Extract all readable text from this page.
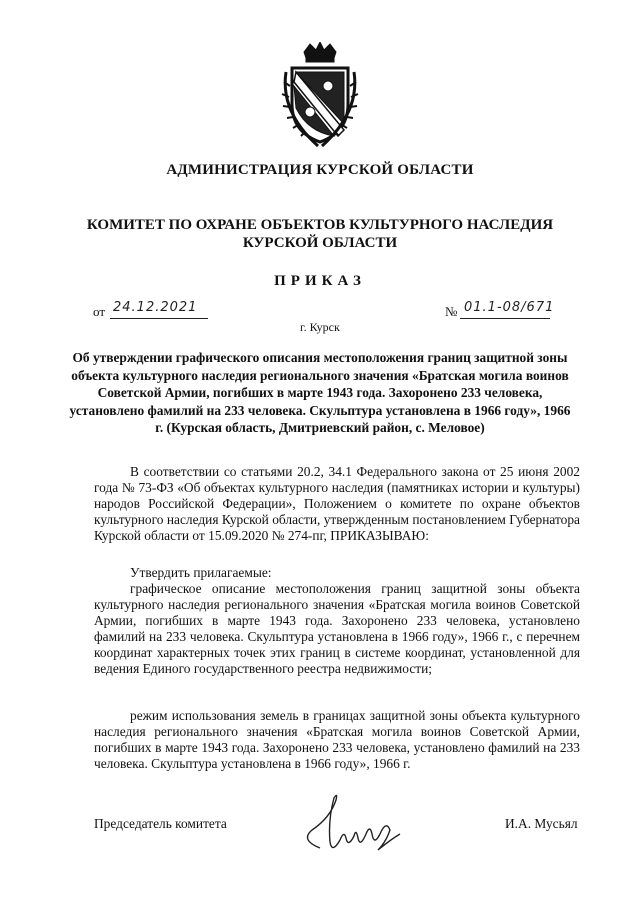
АДМИНИСТРАЦИЯ КУРСКОЙ ОБЛАСТИ
КОМИТЕТ ПО ОХРАНЕ ОБЪЕКТОВ КУЛЬТУРНОГО НАСЛЕДИЯ
КУРСКОЙ ОБЛАСТИ
ПРИКАЗ
от 24.12.2021	№ 01.1-08/671
г. Курск
Об утверждении графического описания местоположения границ защитной зоны объекта культурного наследия регионального значения «Братская могила воинов Советской Армии, погибших в марте 1943 года. Захоронено 233 человека, установлено фамилий на 233 человека. Скульптура установлена в 1966 году», 1966 г. (Курская область, Дмитриевский район, с. Меловое)
В соответствии со статьями 20.2, 34.1 Федерального закона от 25 июня 2002 года № 73-ФЗ «Об объектах культурного наследия (памятниках истории и культуры) народов Российской Федерации», Положением о комитете по охране объектов культурного наследия Курской области, утвержденным постановлением Губернатора Курской области от 15.09.2020 № 274-пг, ПРИКАЗЫВАЮ:
Утвердить прилагаемые:
графическое описание местоположения границ защитной зоны объекта культурного наследия регионального значения «Братская могила воинов Советской Армии, погибших в марте 1943 года. Захоронено 233 человека, установлено фамилий на 233 человека. Скульптура установлена в 1966 году», 1966 г., с перечнем координат характерных точек этих границ в системе координат, установленной для ведения Единого государственного реестра недвижимости;
режим использования земель в границах защитной зоны объекта культурного наследия регионального значения «Братская могила воинов Советской Армии, погибших в марте 1943 года. Захоронено 233 человека, установлено фамилий на 233 человека. Скульптура установлена в 1966 году», 1966 г.
Председатель комитета	И.А. Мусьял
